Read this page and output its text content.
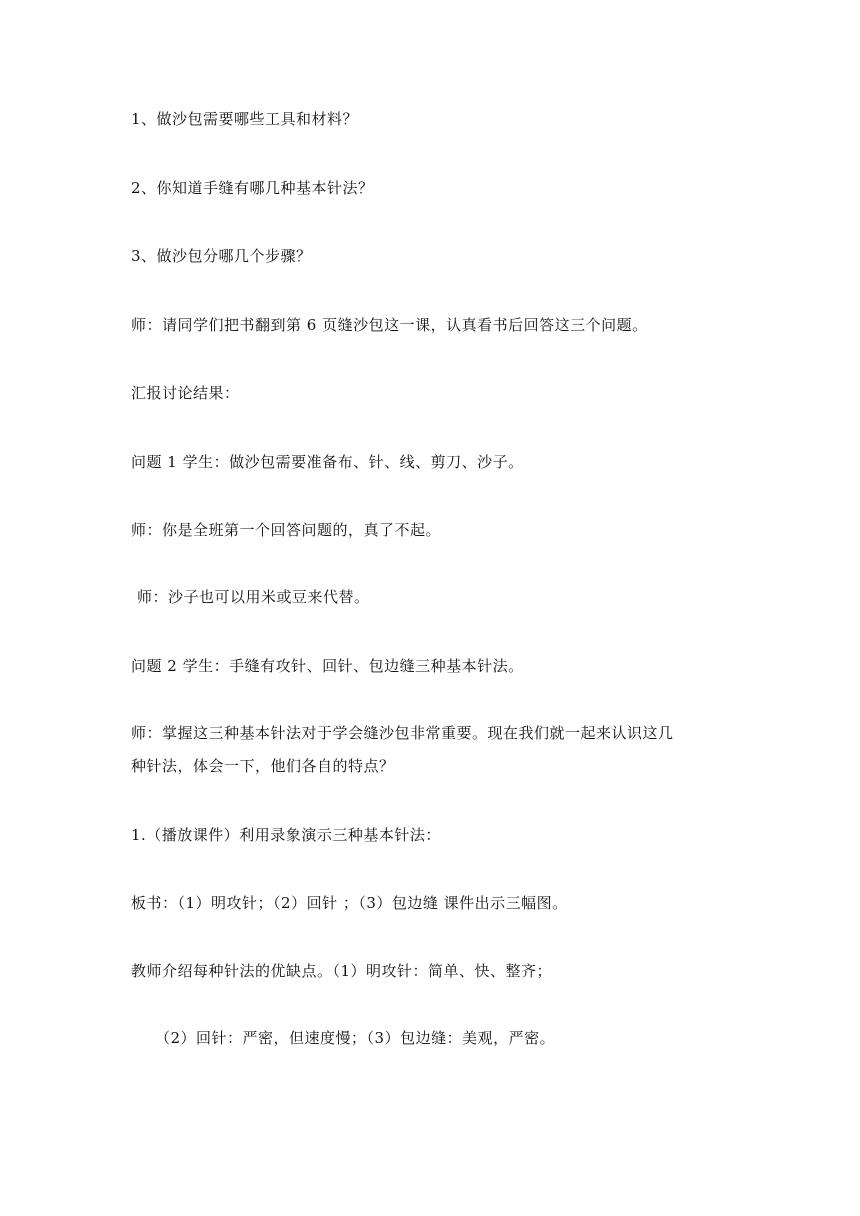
1、做沙包需要哪些工具和材料？
2、你知道手缝有哪几种基本针法？
3、做沙包分哪几个步骤？
师：请同学们把书翻到第 6 页缝沙包这一课，认真看书后回答这三个问题。
汇报讨论结果：
问题 1 学生：做沙包需要准备布、针、线、剪刀、沙子。
师：你是全班第一个回答问题的，真了不起。
师：沙子也可以用米或豆来代替。
问题 2 学生：手缝有攻针、回针、包边缝三种基本针法。
师：掌握这三种基本针法对于学会缝沙包非常重要。现在我们就一起来认识这几
种针法，体会一下，他们各自的特点？
1.（播放课件）利用录象演示三种基本针法：
板书：（1）明攻针；（2）回针 ；（3）包边缝 课件出示三幅图。
教师介绍每种针法的优缺点。（1）明攻针：简单、快、整齐；
（2）回针：严密，但速度慢；（3）包边缝：美观，严密。
